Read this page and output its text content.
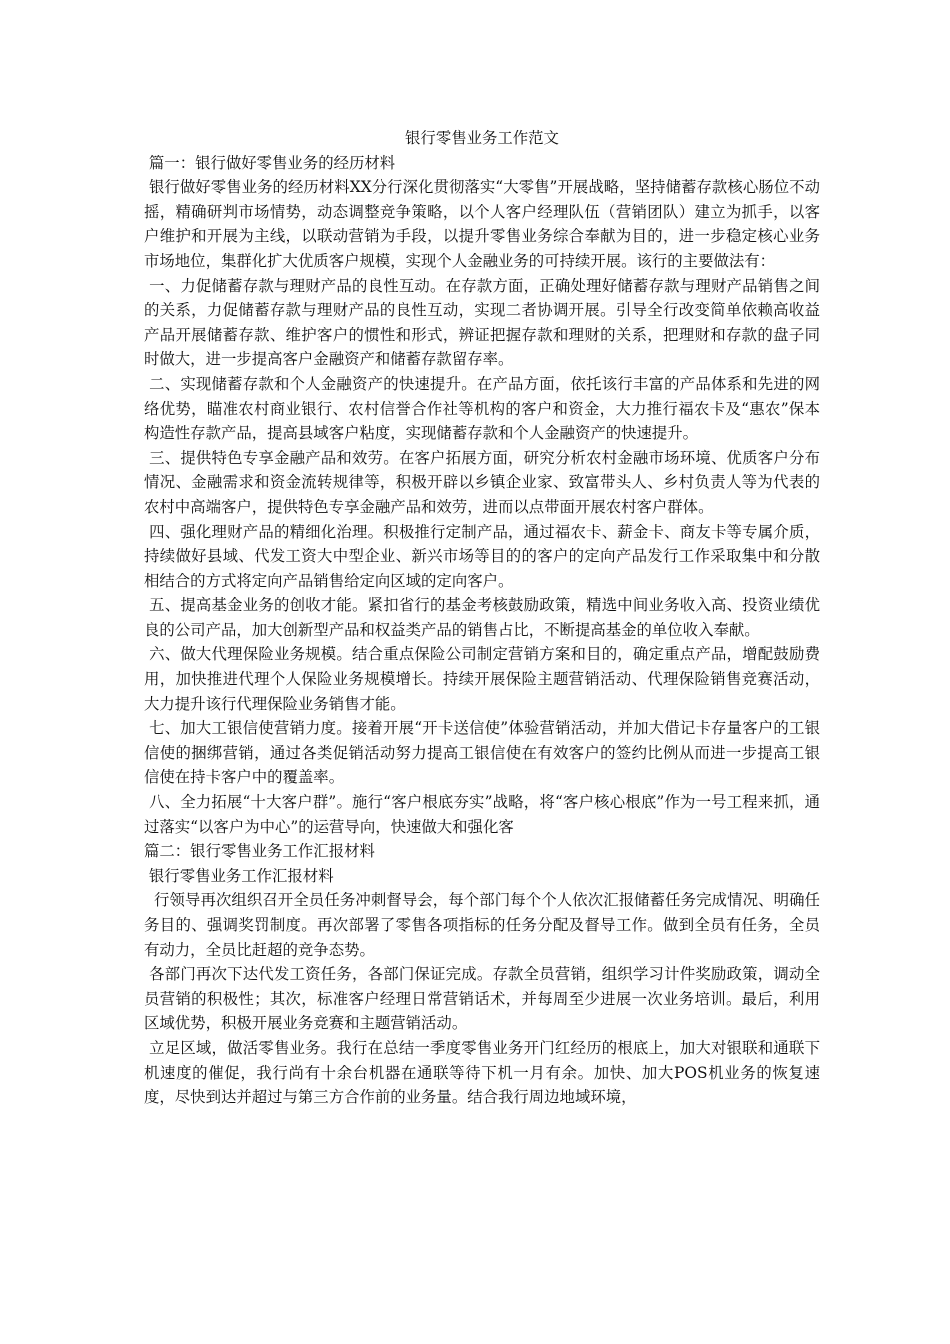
银行零售业务工作范文

篇一：银行做好零售业务的经历材料

银行做好零售业务的经历材料XX分行深化贯彻落实“大零售”开展战略，坚持储蓄存款核心肠位不动摇，精确研判市场情势，动态调整竞争策略，以个人客户经理队伍（营销团队）建立为抓手，以客户维护和开展为主线，以联动营销为手段，以提升零售业务综合奉献为目的，进一步稳定核心业务市场地位，集群化扩大优质客户规模，实现个人金融业务的可持续开展。该行的主要做法有：

一、力促储蓄存款与理财产品的良性互动。在存款方面，正确处理好储蓄存款与理财产品销售之间的关系，力促储蓄存款与理财产品的良性互动，实现二者协调开展。引导全行改变简单依赖高收益产品开展储蓄存款、维护客户的惯性和形式，辨证把握存款和理财的关系，把理财和存款的盘子同时做大，进一步提高客户金融资产和储蓄存款留存率。

二、实现储蓄存款和个人金融资产的快速提升。在产品方面，依托该行丰富的产品体系和先进的网络优势，瞄准农村商业银行、农村信誉合作社等机构的客户和资金，大力推行福农卡及“惠农”保本构造性存款产品，提高县域客户粘度，实现储蓄存款和个人金融资产的快速提升。

三、提供特色专享金融产品和效劳。在客户拓展方面，研究分析农村金融市场环境、优质客户分布情况、金融需求和资金流转规律等，积极开辟以乡镇企业家、致富带头人、乡村负责人等为代表的农村中高端客户，提供特色专享金融产品和效劳，进而以点带面开展农村客户群体。

四、强化理财产品的精细化治理。积极推行定制产品，通过福农卡、薪金卡、商友卡等专属介质，持续做好县域、代发工资大中型企业、新兴市场等目的的客户的定向产品发行工作采取集中和分散相结合的方式将定向产品销售给定向区域的定向客户。

五、提高基金业务的创收才能。紧扣省行的基金考核鼓励政策，精选中间业务收入高、投资业绩优良的公司产品，加大创新型产品和权益类产品的销售占比，不断提高基金的单位收入奉献。

六、做大代理保险业务规模。结合重点保险公司制定营销方案和目的，确定重点产品，增配鼓励费用，加快推进代理个人保险业务规模增长。持续开展保险主题营销活动、代理保险销售竞赛活动，大力提升该行代理保险业务销售才能。

七、加大工银信使营销力度。接着开展“开卡送信使”体验营销活动，并加大借记卡存量客户的工银信使的捆绑营销，通过各类促销活动努力提高工银信使在有效客户的签约比例从而进一步提高工银信使在持卡客户中的覆盖率。

八、全力拓展“十大客户群”。施行“客户根底夯实”战略，将“客户核心根底”作为一号工程来抓，通过落实“以客户为中心”的运营导向，快速做大和强化客

篇二：银行零售业务工作汇报材料

银行零售业务工作汇报材料

行领导再次组织召开全员任务冲刺督导会，每个部门每个个人依次汇报储蓄任务完成情况、明确任务目的、强调奖罚制度。再次部署了零售各项指标的任务分配及督导工作。做到全员有任务，全员有动力，全员比赶超的竞争态势。

各部门再次下达代发工资任务，各部门保证完成。存款全员营销，组织学习计件奖励政策，调动全员营销的积极性；其次，标准客户经理日常营销话术，并每周至少进展一次业务培训。最后，利用区域优势，积极开展业务竞赛和主题营销活动。

立足区域，做活零售业务。我行在总结一季度零售业务开门红经历的根底上，加大对银联和通联下机速度的催促，我行尚有十余台机器在通联等待下机一月有余。加快、加大POS机业务的恢复速度，尽快到达并超过与第三方合作前的业务量。结合我行周边地域环境，
